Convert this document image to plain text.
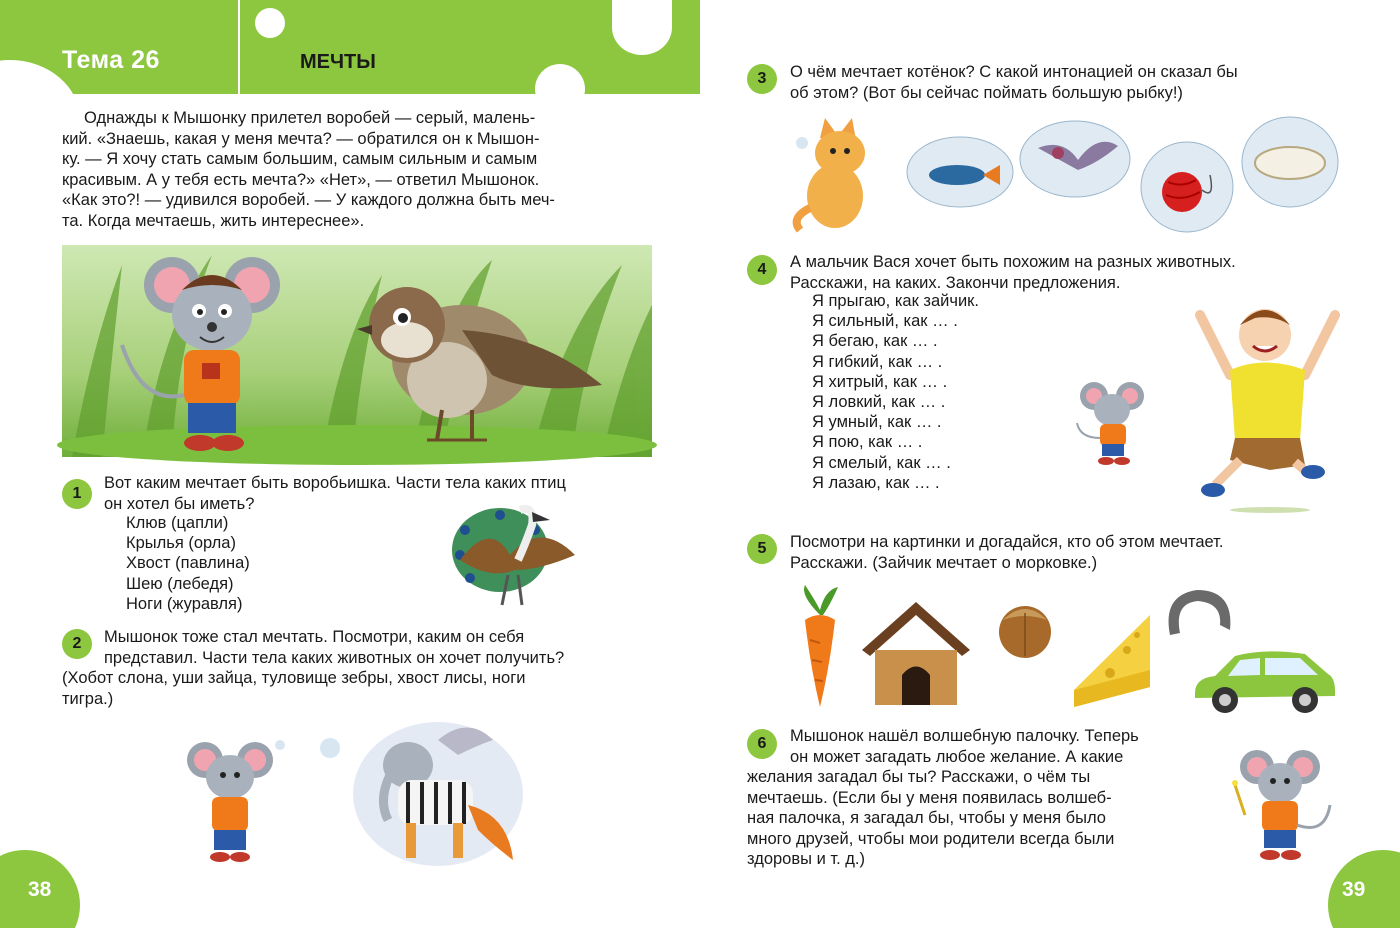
Тема 26	МЕЧТЫ
Однажды к Мышонку прилетел воробей — серый, малень-
кий. «Знаешь, какая у меня мечта? — обратился он к Мышон-
ку. — Я хочу стать самым большим, самым сильным и самым
красивым. А у тебя есть мечта?» «Нет», — ответил Мышонок.
«Как это?! — удивился воробей. — У каждого должна быть меч-
та. Когда мечтаешь, жить интереснее».
1
Вот каким мечтает быть воробьишка. Части тела каких птиц
он хотел бы иметь?
Клюв (цапли)
Крылья (орла)
Хвост (павлина)
Шею (лебедя)
Ноги (журавля)
2	Мышонок тоже стал мечтать. Посмотри, каким он себя
представил. Части тела каких животных он хочет получить?
(Хобот слона, уши зайца, туловище зебры, хвост лисы, ноги
тигра.)
38
3	О чём мечтает котёнок? С какой интонацией он сказал бы
об этом? (Вот бы сейчас поймать большую рыбку!)
4	А мальчик Вася хочет быть похожим на разных животных.
Расскажи, на каких. Закончи предложения.
Я прыгаю, как зайчик.
Я сильный, как … .
Я бегаю, как … .
Я гибкий, как … .
Я хитрый, как … .
Я ловкий, как … .
Я умный, как … .
Я пою, как … .
Я смелый, как … .
Я лазаю, как … .
5	Посмотри на картинки и догадайся, кто об этом мечтает.
Расскажи. (Зайчик мечтает о морковке.)
6	Мышонок нашёл волшебную палочку. Теперь
он может загадать любое желание. А какие
желания загадал бы ты? Расскажи, о чём ты
мечтаешь. (Если бы у меня появилась волшеб-
ная палочка, я загадал бы, чтобы у меня было
много друзей, чтобы мои родители всегда были
здоровы и т. д.)
39
